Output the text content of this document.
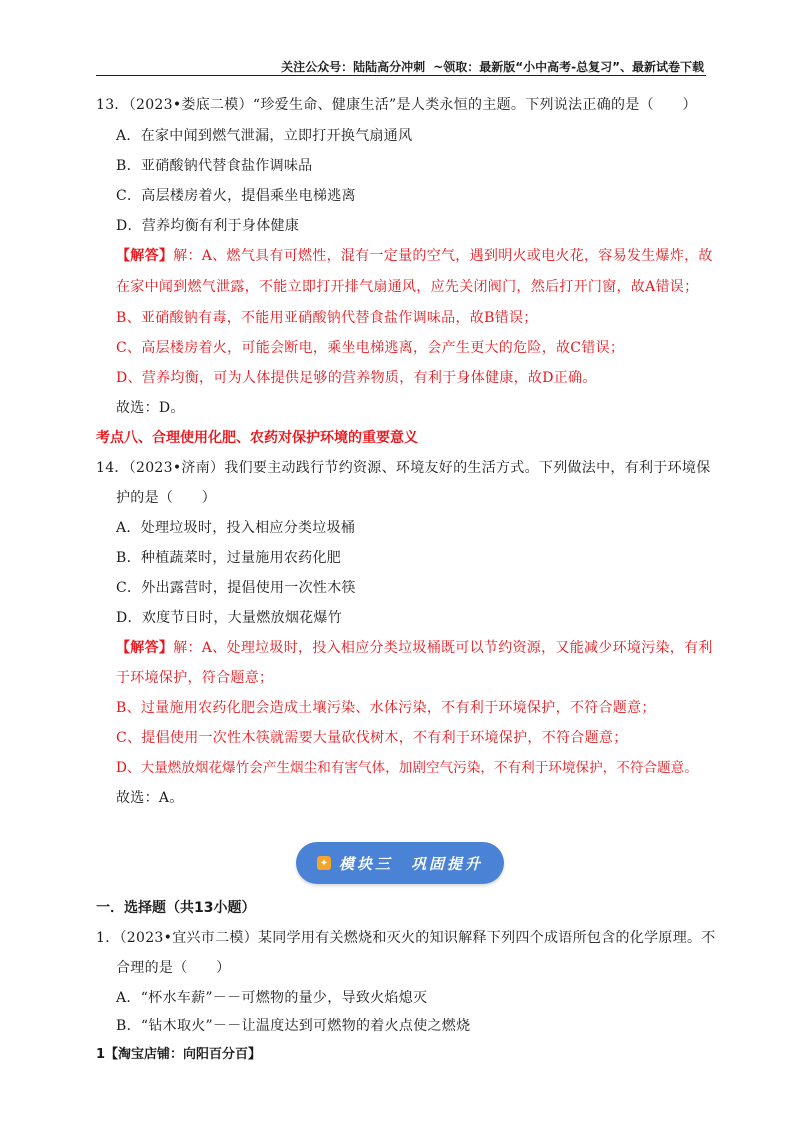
关注公众号：陆陆高分冲刺 ~领取：最新版“小中高考-总复习”、最新试卷下载
13．（2023•娄底二模）“珍爱生命、健康生活”是人类永恒的主题。下列说法正确的是（　　）
A．在家中闻到燃气泄漏，立即打开换气扇通风
B．亚硝酸钠代替食盐作调味品
C．高层楼房着火，提倡乘坐电梯逃离
D．营养均衡有利于身体健康
【解答】解：A、燃气具有可燃性，混有一定量的空气，遇到明火或电火花，容易发生爆炸，故
在家中闻到燃气泄露，不能立即打开排气扇通风，应先关闭阀门，然后打开门窗，故A错误；
B、亚硝酸钠有毒，不能用亚硝酸钠代替食盐作调味品，故B错误；
C、高层楼房着火，可能会断电，乘坐电梯逃离，会产生更大的危险，故C错误；
D、营养均衡，可为人体提供足够的营养物质，有利于身体健康，故D正确。
故选：D。
考点八、合理使用化肥、农药对保护环境的重要意义
14．（2023•济南）我们要主动践行节约资源、环境友好的生活方式。下列做法中，有利于环境保
护的是（　　）
A．处理垃圾时，投入相应分类垃圾桶
B．种植蔬菜时，过量施用农药化肥
C．外出露营时，提倡使用一次性木筷
D．欢度节日时，大量燃放烟花爆竹
【解答】解：A、处理垃圾时，投入相应分类垃圾桶既可以节约资源，又能减少环境污染，有利
于环境保护，符合题意；
B、过量施用农药化肥会造成土壤污染、水体污染，不有利于环境保护，不符合题意；
C、提倡使用一次性木筷就需要大量砍伐树木，不有利于环境保护，不符合题意；
D、大量燃放烟花爆竹会产生烟尘和有害气体，加剧空气污染，不有利于环境保护，不符合题意。
故选：A。
✦ 模块三　巩固提升
一．选择题（共13小题）
1．（2023•宜兴市二模）某同学用有关燃烧和灭火的知识解释下列四个成语所包含的化学原理。不
合理的是（　　）
A．“杯水车薪”－－可燃物的量少，导致火焰熄灭
B．“钻木取火”－－让温度达到可燃物的着火点使之燃烧
1【淘宝店铺：向阳百分百】
